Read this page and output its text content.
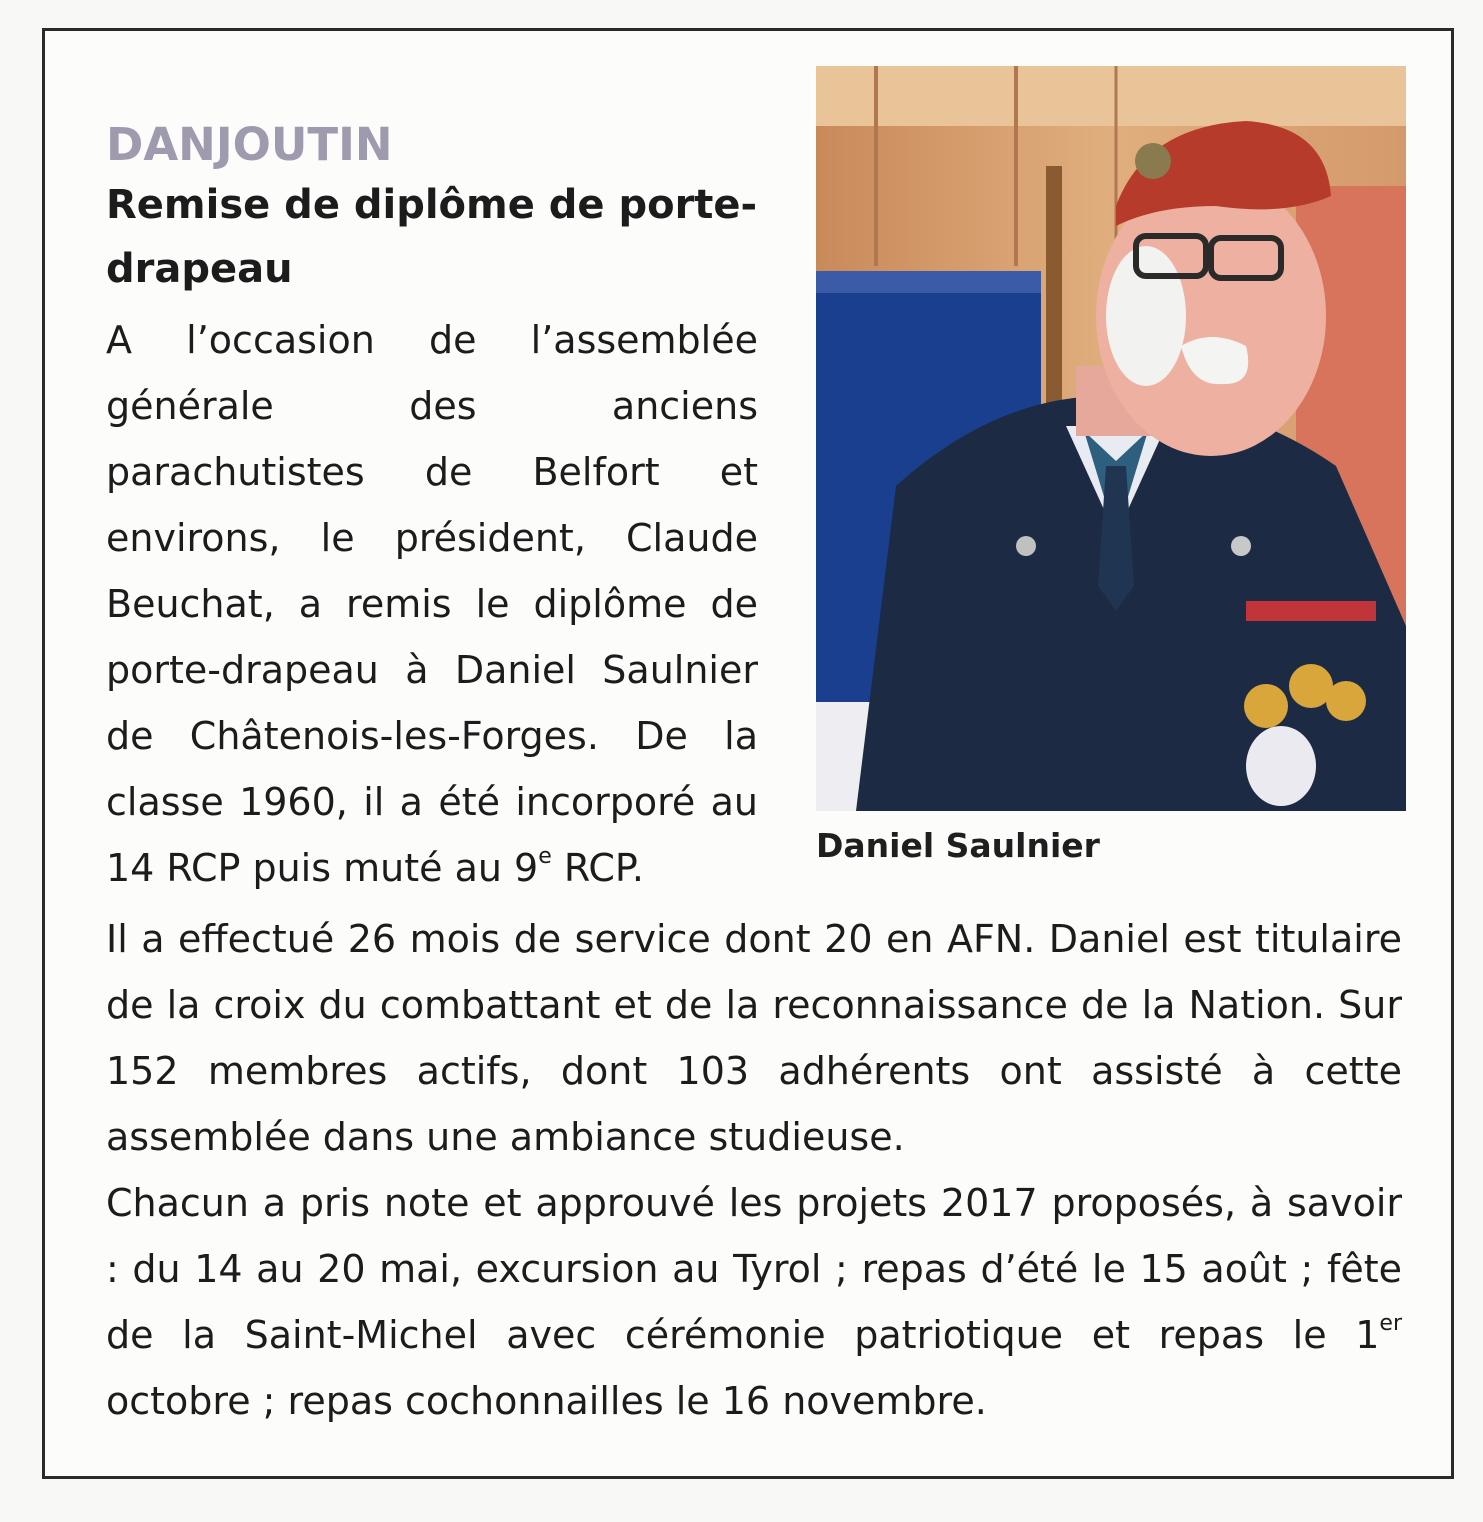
DANJOUTIN
Remise de diplôme de porte-drapeau

A l’occasion de l’assemblée générale des anciens parachutistes de Belfort et environs, le président, Claude Beuchat, a remis le diplôme de porte-drapeau à Daniel Saulnier de Châtenois-les-Forges. De la classe 1960, il a été incorporé au 14 RCP puis muté au 9e RCP.

Il a effectué 26 mois de service dont 20 en AFN. Daniel est titulaire de la croix du combattant et de la reconnaissance de la Nation. Sur 152 membres actifs, dont 103 adhérents ont assisté à cette assemblée dans une ambiance studieuse.

Chacun a pris note et approuvé les projets 2017 proposés, à savoir : du 14 au 20 mai, excursion au Tyrol ; repas d’été le 15 août ; fête de la Saint-Michel avec cérémonie patriotique et repas le 1er octobre ; repas cochonnailles le 16 novembre.

Daniel Saulnier
